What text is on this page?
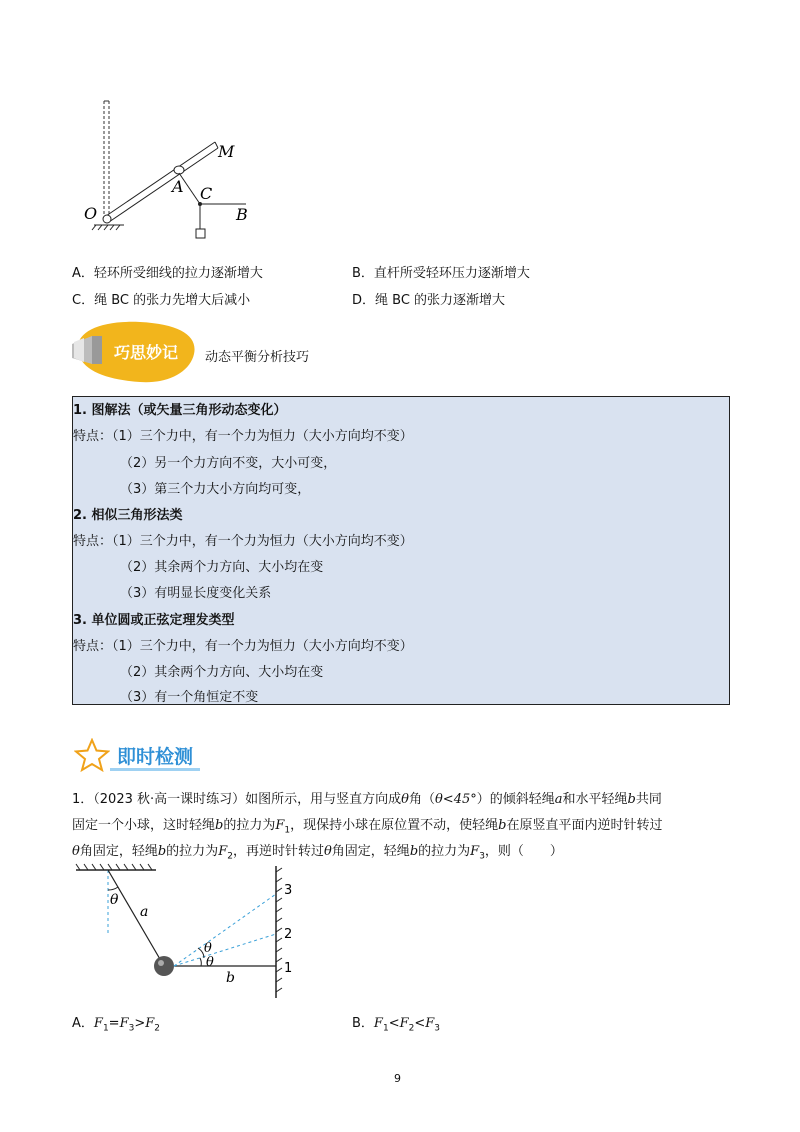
M
A C
O	B
A．轻环所受细线的拉力逐渐增大	B．直杆所受轻环压力逐渐增大
C．绳 BC 的张力先增大后减小	D．绳 BC 的张力逐渐增大
巧思妙记 动态平衡分析技巧
1. 图解法（或矢量三角形动态变化）
特点：（1）三个力中，有一个力为恒力（大小方向均不变）
（2）另一个力方向不变，大小可变，
（3）第三个力大小方向均可变，
2. 相似三角形法类
特点：（1）三个力中，有一个力为恒力（大小方向均不变）
（2）其余两个力方向、大小均在变
（3）有明显长度变化关系
3. 单位圆或正弦定理发类型
特点：（1）三个力中，有一个力为恒力（大小方向均不变）
（2）其余两个力方向、大小均在变
（3）有一个角恒定不变
即时检测
1．（2023 秋·高一课时练习）如图所示，用与竖直方向成θ角（θ<45°）的倾斜轻绳a和水平轻绳b共同
固定一个小球，这时轻绳b的拉力为$F_1$，现保持小球在原位置不动，使轻绳b在原竖直平面内逆时针转过
θ角固定，轻绳b的拉力为$F_2$，再逆时针转过θ角固定，轻绳b的拉力为$F_3$，则（　　）
θ
a
θ
θ
b
1
2
3
A．$F_1=F_3>F_2$	B．$F_1<F_2<F_3$
9
